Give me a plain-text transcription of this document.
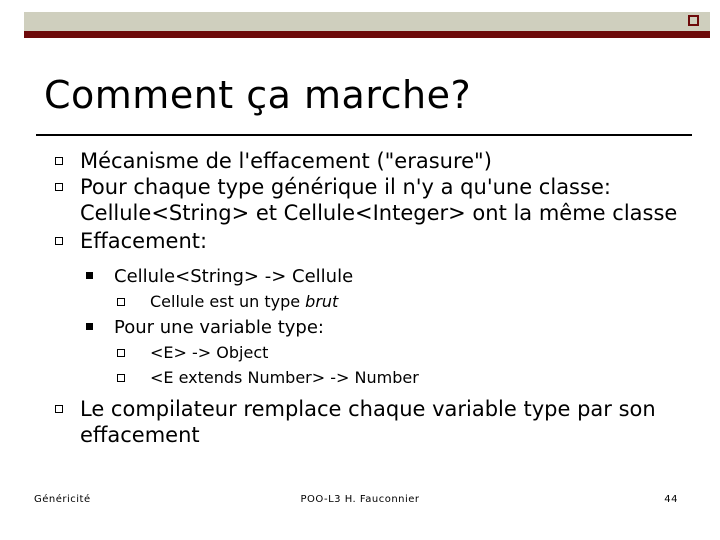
Comment ça marche?
Mécanisme de l'effacement ("erasure")
Pour chaque type générique il n'y a qu'une classe:
Cellule<String> et Cellule<Integer> ont la même classe
Effacement:
Cellule<String> -> Cellule
Cellule est un type brut
Pour une variable type:
<E> -> Object
<E extends Number> -> Number
Le compilateur remplace chaque variable type par son
effacement
Généricité	POO-L3 H. Fauconnier	44
